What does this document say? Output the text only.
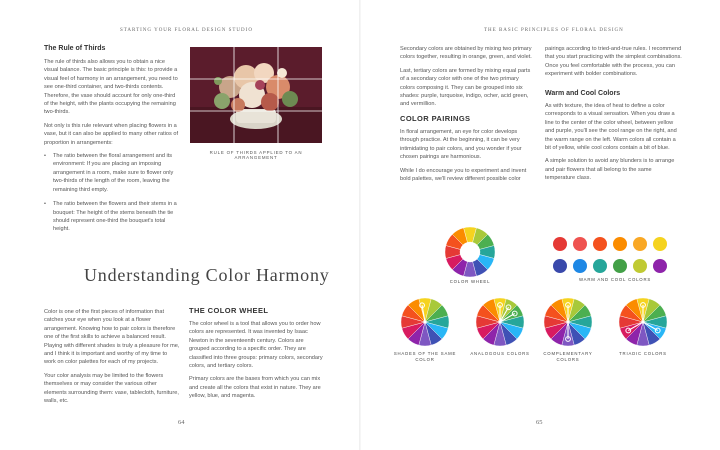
STARTING YOUR FLORAL DESIGN STUDIO
The Rule of Thirds

The rule of thirds also allows you to obtain a nice visual balance. The basic principle is this: to provide a visual feel of harmony in an arrangement, you need to see one-third container, and two-thirds contents. Therefore, the vase should account for only one-third of the height, with the plants occupying the remaining two-thirds.

Not only is this rule relevant when placing flowers in a vase, but it can also be applied to many other ratios of proportion in arrangements:

• The ratio between the floral arrangement and its environment: If you are placing an imposing arrangement in a room, make sure to flower only two-thirds of the length of the room, leaving the remaining third empty.
• The ratio between the flowers and their stems in a bouquet: The height of the stems beneath the tie should represent one-third the bouquet's total height.
RULE OF THIRDS APPLIED TO AN ARRANGEMENT
Understanding Color Harmony

Color is one of the first pieces of information that catches your eye when you look at a flower arrangement. Knowing how to pair colors is therefore one of the first skills to achieve a balanced result. Playing with different shades is truly a pleasure for me, and I think it is important and worthy of my time to work on color palettes for each of my projects.

Your color analysis may be limited to the flowers themselves or may consider the various other elements surrounding them: vase, tablecloth, furniture, walls, etc.

THE COLOR WHEEL

The color wheel is a tool that allows you to order how colors are represented. It was invented by Isaac Newton in the seventeenth century. Colors are grouped according to a specific order. They are classified into three groups: primary colors, secondary colors, and tertiary colors.

Primary colors are the bases from which you can mix and create all the colors that exist in nature. They are yellow, blue, and magenta.

64
THE BASIC PRINCIPLES OF FLORAL DESIGN

Secondary colors are obtained by mixing two primary colors together, resulting in orange, green, and violet.

Last, tertiary colors are formed by mixing equal parts of a secondary color with one of the two primary colors composing it. They can be grouped into six shades: purple, turquoise, indigo, ocher, acid green, and vermillion.

COLOR PAIRINGS

In floral arrangement, an eye for color develops through practice. At the beginning, it can be very intimidating to pair colors, and you wonder if your chosen pairings are harmonious.

While I do encourage you to experiment and invent bold palettes, we'll review different possible color

pairings according to tried-and-true rules. I recommend that you start practicing with the simplest combinations. Once you feel comfortable with the process, you can experiment with bolder combinations.

Warm and Cool Colors

As with texture, the idea of heat to define a color corresponds to a visual sensation. When you draw a line to the center of the color wheel, between yellow and purple, you'll see the cool range on the right, and the warm range on the left. Warm colors all contain a bit of yellow, while cool colors contain a bit of blue.

A simple solution to avoid any blunders is to arrange and pair flowers that all belong to the same temperature class.

COLOR WHEEL	WARM AND COOL COLORS
SHADES OF THE SAME COLOR
ANALOGOUS COLORS	COMPLEMENTARY COLORS
TRIADIC COLORS
65
